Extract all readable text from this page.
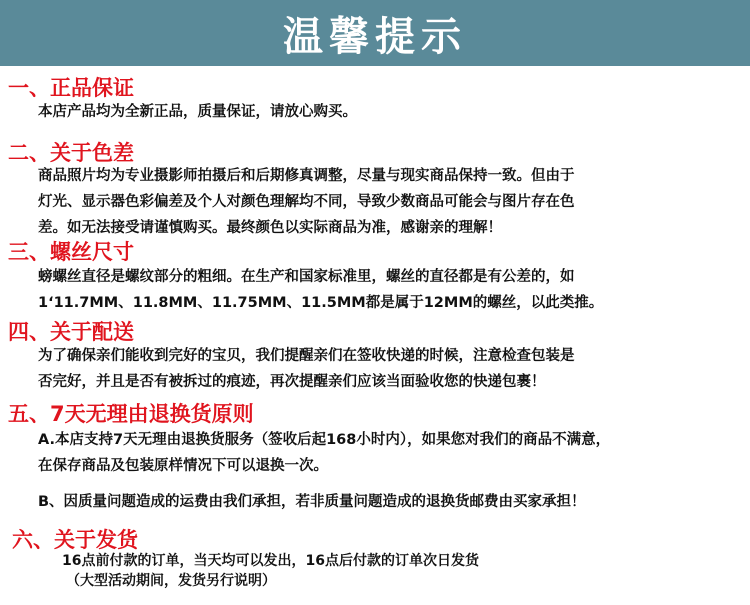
温馨提示
一、正品保证
本店产品均为全新正品，质量保证，请放心购买。
二、关于色差
商品照片均为专业摄影师拍摄后和后期修真调整，尽量与现实商品保持一致。但由于
灯光、显示器色彩偏差及个人对颜色理解均不同，导致少数商品可能会与图片存在色
差。如无法接受请谨慎购买。最终颜色以实际商品为准，感谢亲的理解！
三、螺丝尺寸
螃螺丝直径是螺纹部分的粗细。在生产和国家标准里，螺丝的直径都是有公差的，如
1‘11.7MM、11.8MM、11.75MM、11.5MM都是属于12MM的螺丝，以此类推。
四、关于配送
为了确保亲们能收到完好的宝贝，我们提醒亲们在签收快递的时候，注意检查包装是
否完好，并且是否有被拆过的痕迹，再次提醒亲们应该当面验收您的快递包裹！
五、7天无理由退换货原则
A.本店支持7天无理由退换货服务（签收后起168小时内），如果您对我们的商品不满意，
在保存商品及包装原样情况下可以退换一次。
B、因质量问题造成的运费由我们承担，若非质量问题造成的退换货邮费由买家承担！
六、关于发货
16点前付款的订单，当天均可以发出，16点后付款的订单次日发货
（大型活动期间，发货另行说明）
